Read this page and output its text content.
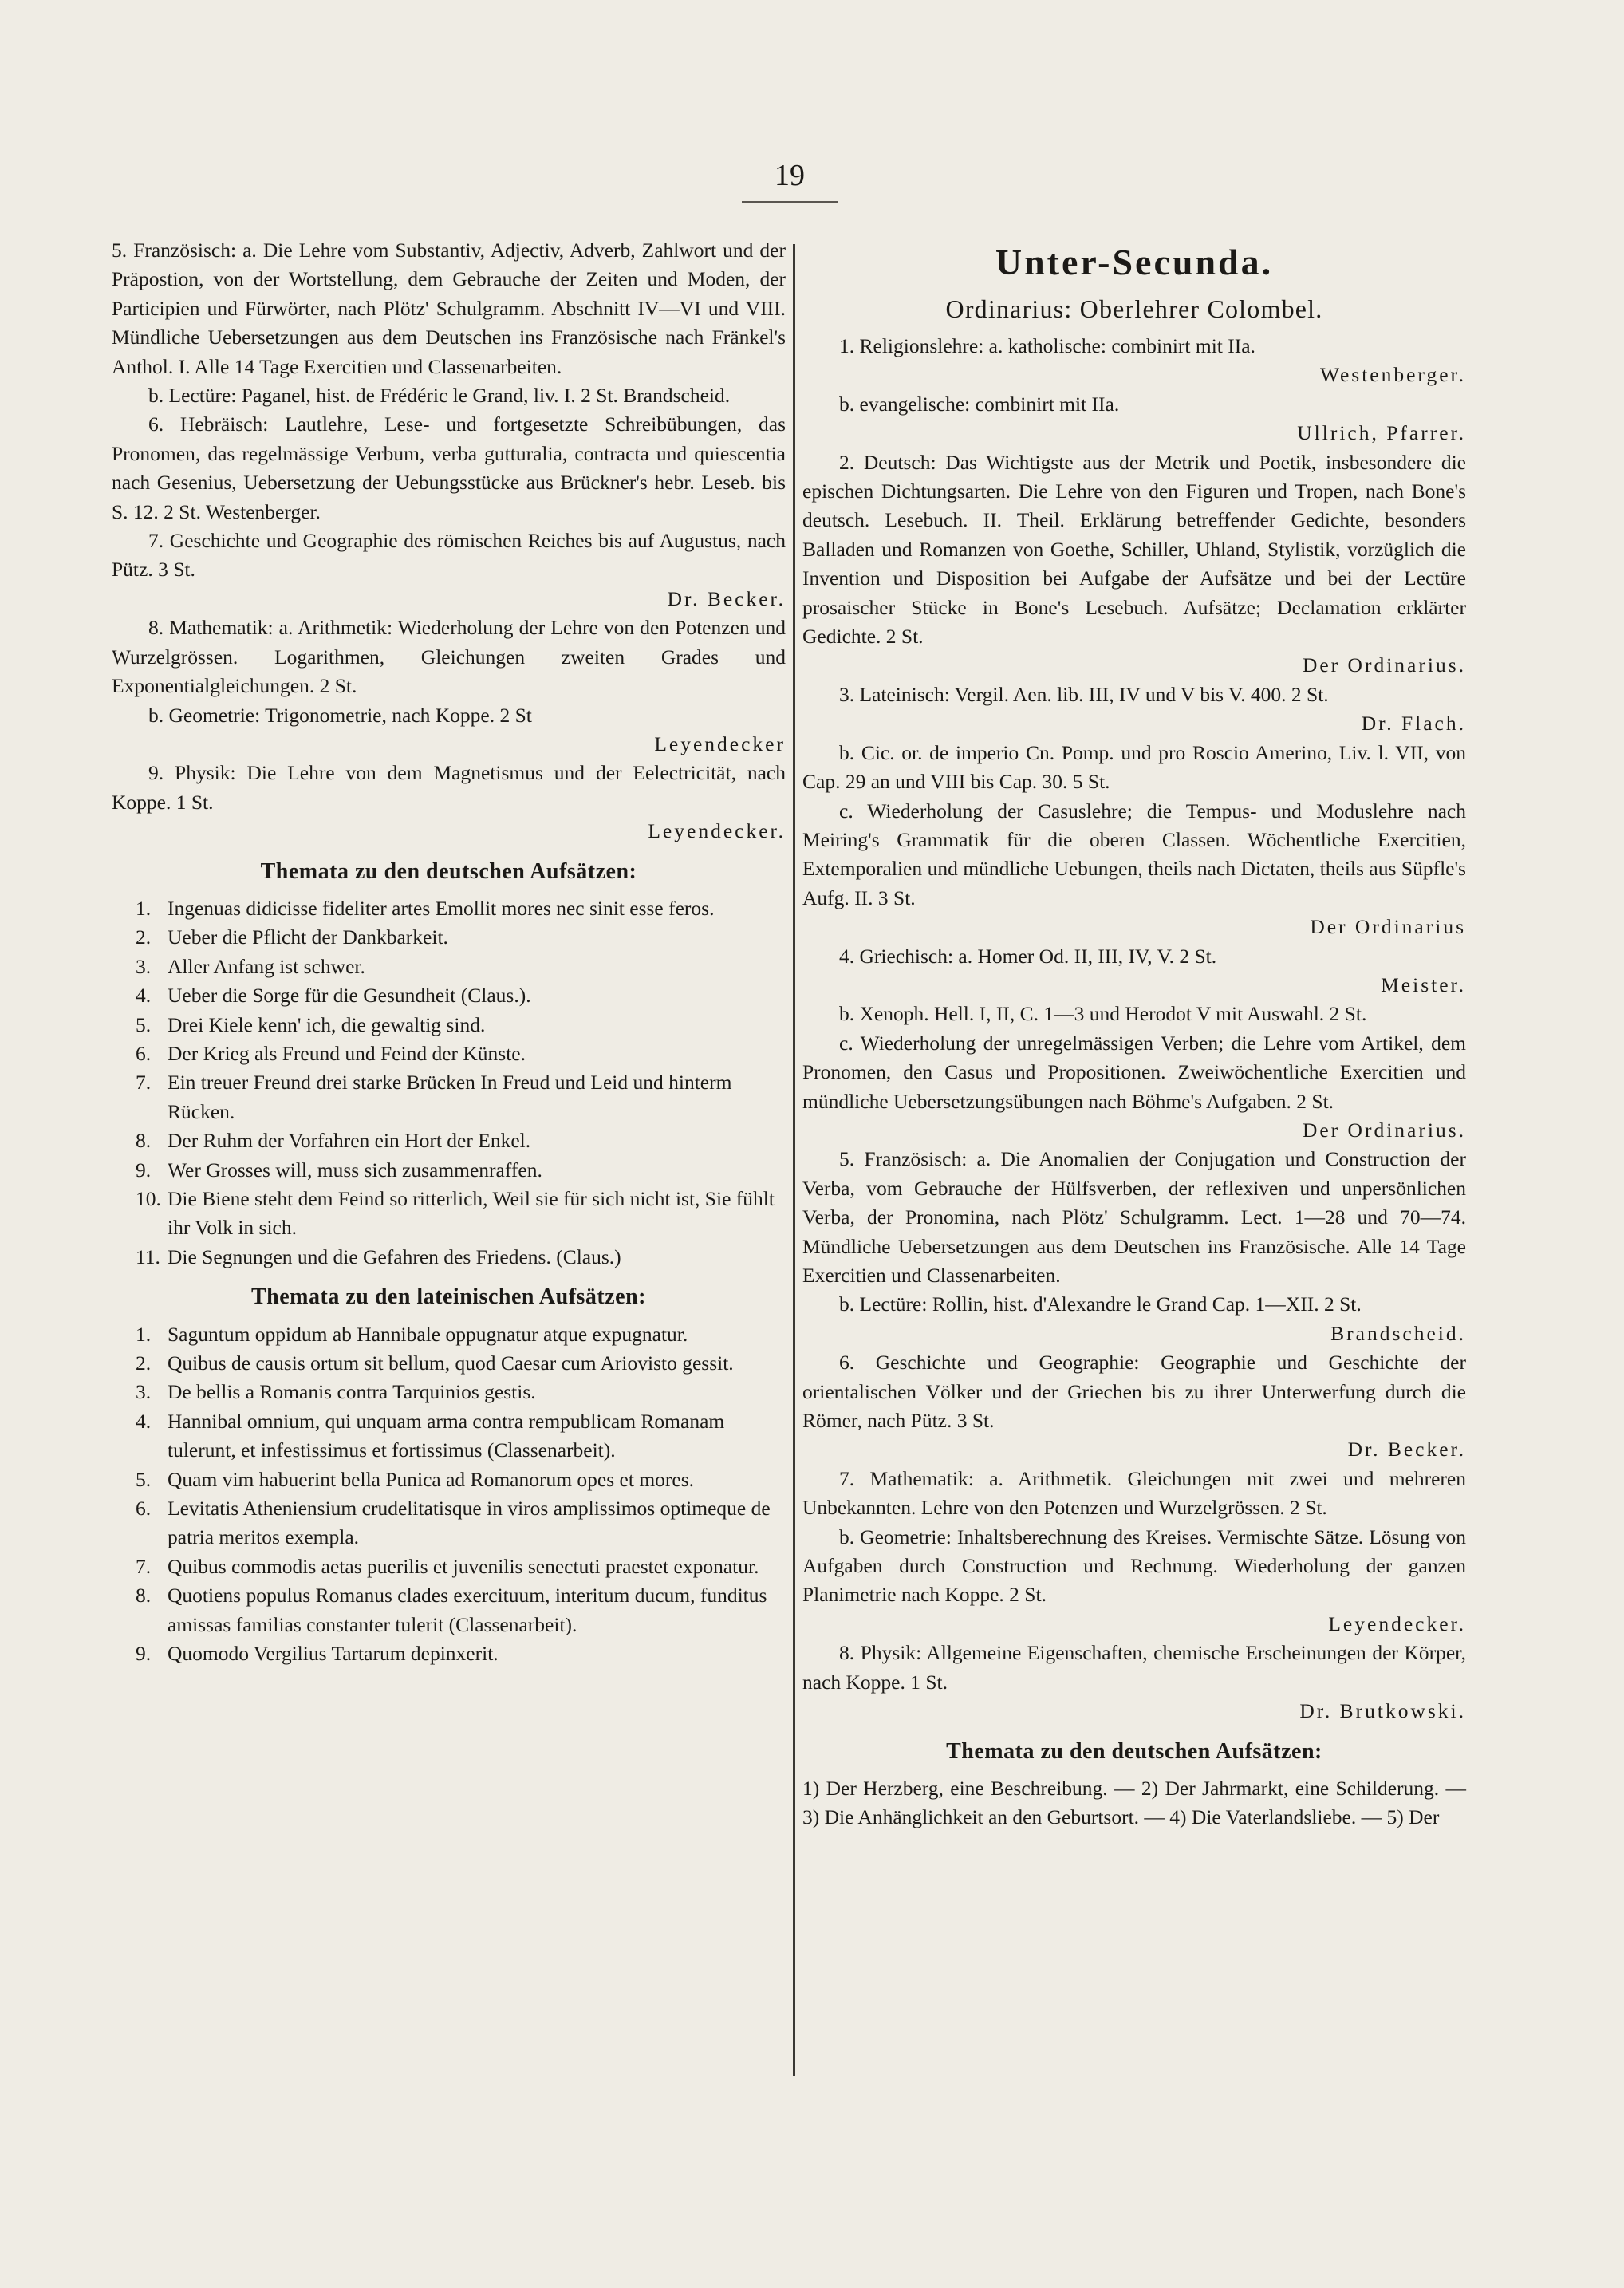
19

5. Französisch: a. Die Lehre vom Substantiv, Adjectiv, Adverb, Zahlwort und der Präpostion, von der Wortstellung, dem Gebrauche der Zeiten und Moden, der Participien und Fürwörter, nach Plötz' Schulgramm. Abschnitt IV—VI und VIII. Mündliche Uebersetzungen aus dem Deutschen ins Französische nach Fränkel's Anthol. I. Alle 14 Tage Exercitien und Classenarbeiten.

b. Lectüre: Paganel, hist. de Frédéric le Grand, liv. I. 2 St. Brandscheid.

6. Hebräisch: Lautlehre, Lese- und fortgesetzte Schreibübungen, das Pronomen, das regelmässige Verbum, verba gutturalia, contracta und quiescentia nach Gesenius, Uebersetzung der Uebungsstücke aus Brückner's hebr. Leseb. bis S. 12. 2 St. Westenberger.

7. Geschichte und Geographie des römischen Reiches bis auf Augustus, nach Pütz. 3 St.

Dr. Becker.

8. Mathematik: a. Arithmetik: Wiederholung der Lehre von den Potenzen und Wurzelgrössen. Logarithmen, Gleichungen zweiten Grades und Exponentialgleichungen. 2 St.

b. Geometrie: Trigonometrie, nach Koppe. 2 St

Leyendecker

9. Physik: Die Lehre von dem Magnetismus und der Eelectricität, nach Koppe. 1 St.

Leyendecker.

Themata zu den deutschen Aufsätzen:

1. Ingenuas didicisse fideliter artes Emollit mores nec sinit esse feros.

2. Ueber die Pflicht der Dankbarkeit.

3. Aller Anfang ist schwer.

4. Ueber die Sorge für die Gesundheit (Claus.).

5. Drei Kiele kenn' ich, die gewaltig sind.

6. Der Krieg als Freund und Feind der Künste.

7. Ein treuer Freund drei starke Brücken In Freud und Leid und hinterm Rücken.

8. Der Ruhm der Vorfahren ein Hort der Enkel.

9. Wer Grosses will, muss sich zusammenraffen.

10. Die Biene steht dem Feind so ritterlich, Weil sie für sich nicht ist, Sie fühlt ihr Volk in sich.

11. Die Segnungen und die Gefahren des Friedens. (Claus.)

Themata zu den lateinischen Aufsätzen:

1. Saguntum oppidum ab Hannibale oppugnatur atque expugnatur.

2. Quibus de causis ortum sit bellum, quod Caesar cum Ariovisto gessit.

3. De bellis a Romanis contra Tarquinios gestis.

4. Hannibal omnium, qui unquam arma contra rempublicam Romanam tulerunt, et infestissimus et fortissimus (Classenarbeit).

5. Quam vim habuerint bella Punica ad Romanorum opes et mores.

6. Levitatis Atheniensium crudelitatisque in viros amplissimos optimeque de patria meritos exempla.

7. Quibus commodis aetas puerilis et juvenilis senectuti praestet exponatur.

8. Quotiens populus Romanus clades exercituum, interitum ducum, funditus amissas familias constanter tulerit (Classenarbeit).

9. Quomodo Vergilius Tartarum depinxerit.

Unter-Secunda.
Ordinarius: Oberlehrer Colombel.

1. Religionslehre: a. katholische: combinirt mit IIa.

Westenberger.

b. evangelische: combinirt mit IIa.

Ullrich, Pfarrer.

2. Deutsch: Das Wichtigste aus der Metrik und Poetik, insbesondere die epischen Dichtungsarten. Die Lehre von den Figuren und Tropen, nach Bone's deutsch. Lesebuch. II. Theil. Erklärung betreffender Gedichte, besonders Balladen und Romanzen von Goethe, Schiller, Uhland, Stylistik, vorzüglich die Invention und Disposition bei Aufgabe der Aufsätze und bei der Lectüre prosaischer Stücke in Bone's Lesebuch. Aufsätze; Declamation erklärter Gedichte. 2 St.

Der Ordinarius.

3. Lateinisch: Vergil. Aen. lib. III, IV und V bis V. 400. 2 St.

Dr. Flach.

b. Cic. or. de imperio Cn. Pomp. und pro Roscio Amerino, Liv. l. VII, von Cap. 29 an und VIII bis Cap. 30. 5 St.

c. Wiederholung der Casuslehre; die Tempus- und Moduslehre nach Meiring's Grammatik für die oberen Classen. Wöchentliche Exercitien, Extemporalien und mündliche Uebungen, theils nach Dictaten, theils aus Süpfle's Aufg. II. 3 St.

Der Ordinarius

4. Griechisch: a. Homer Od. II, III, IV, V. 2 St.

Meister.

b. Xenoph. Hell. I, II, C. 1—3 und Herodot V mit Auswahl. 2 St.

c. Wiederholung der unregelmässigen Verben; die Lehre vom Artikel, dem Pronomen, den Casus und Propositionen. Zweiwöchentliche Exercitien und mündliche Uebersetzungsübungen nach Böhme's Aufgaben. 2 St.

Der Ordinarius.

5. Französisch: a. Die Anomalien der Conjugation und Construction der Verba, vom Gebrauche der Hülfsverben, der reflexiven und unpersönlichen Verba, der Pronomina, nach Plötz' Schulgramm. Lect. 1—28 und 70—74. Mündliche Uebersetzungen aus dem Deutschen ins Französische. Alle 14 Tage Exercitien und Classenarbeiten.

b. Lectüre: Rollin, hist. d'Alexandre le Grand Cap. 1—XII. 2 St.

Brandscheid.

6. Geschichte und Geographie: Geographie und Geschichte der orientalischen Völker und der Griechen bis zu ihrer Unterwerfung durch die Römer, nach Pütz. 3 St.

Dr. Becker.

7. Mathematik: a. Arithmetik. Gleichungen mit zwei und mehreren Unbekannten. Lehre von den Potenzen und Wurzelgrössen. 2 St.

b. Geometrie: Inhaltsberechnung des Kreises. Vermischte Sätze. Lösung von Aufgaben durch Construction und Rechnung. Wiederholung der ganzen Planimetrie nach Koppe. 2 St.

Leyendecker.

8. Physik: Allgemeine Eigenschaften, chemische Erscheinungen der Körper, nach Koppe. 1 St.

Dr. Brutkowski.

Themata zu den deutschen Aufsätzen:

1) Der Herzberg, eine Beschreibung. — 2) Der Jahrmarkt, eine Schilderung. — 3) Die Anhänglichkeit an den Geburtsort. — 4) Die Vaterlandsliebe. — 5) Der
